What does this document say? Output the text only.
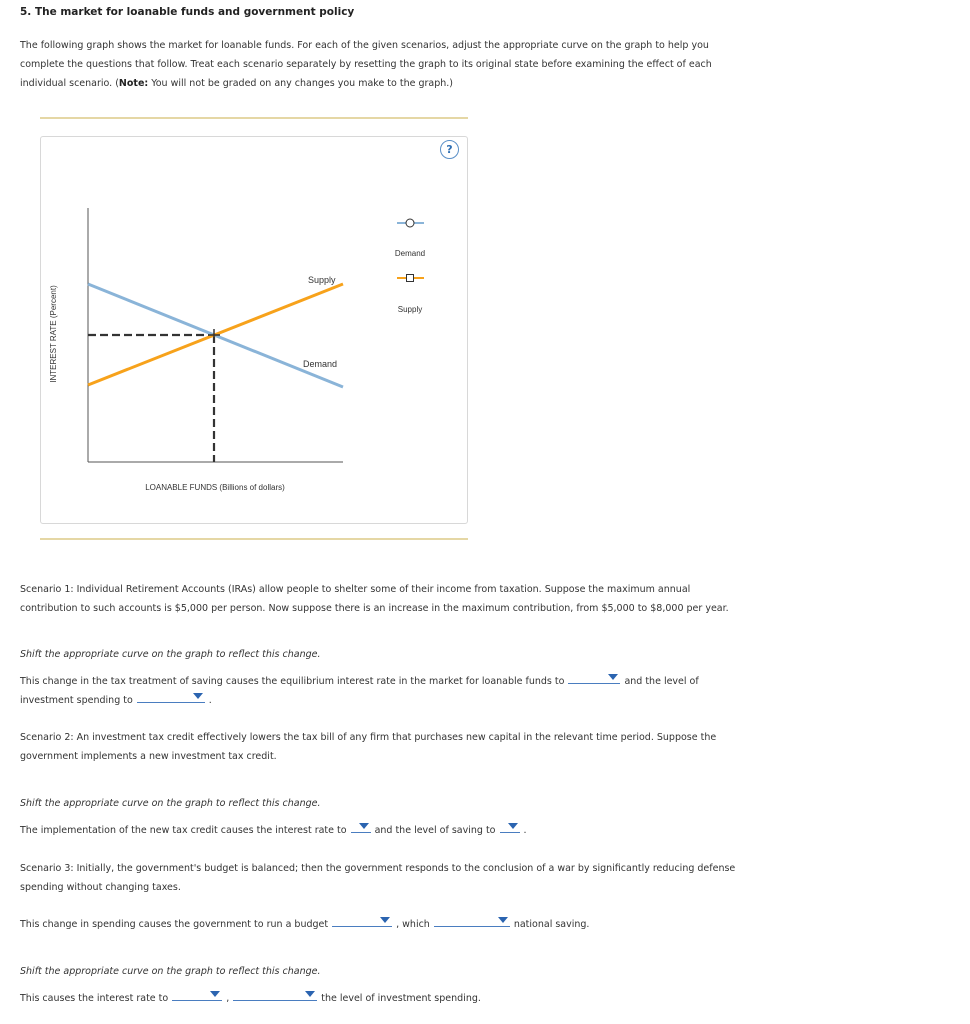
5. The market for loanable funds and government policy
The following graph shows the market for loanable funds. For each of the given scenarios, adjust the appropriate curve on the graph to help you
complete the questions that follow. Treat each scenario separately by resetting the graph to its original state before examining the effect of each
individual scenario. (Note: You will not be graded on any changes you make to the graph.)
?
Supply
Demand
INTEREST RATE (Percent)
LOANABLE FUNDS (Billions of dollars)
Demand
Supply
Scenario 1: Individual Retirement Accounts (IRAs) allow people to shelter some of their income from taxation. Suppose the maximum annual
contribution to such accounts is $5,000 per person. Now suppose there is an increase in the maximum contribution, from $5,000 to $8,000 per year.
Shift the appropriate curve on the graph to reflect this change.
This change in the tax treatment of saving causes the equilibrium interest rate in the market for loanable funds to	and the level of
investment spending to	.
Scenario 2: An investment tax credit effectively lowers the tax bill of any firm that purchases new capital in the relevant time period. Suppose the
government implements a new investment tax credit.
Shift the appropriate curve on the graph to reflect this change.
The implementation of the new tax credit causes the interest rate to	and the level of saving to	.
Scenario 3: Initially, the government's budget is balanced; then the government responds to the conclusion of a war by significantly reducing defense
spending without changing taxes.
This change in spending causes the government to run a budget	, which	national saving.
Shift the appropriate curve on the graph to reflect this change.
This causes the interest rate to	,	the level of investment spending.
